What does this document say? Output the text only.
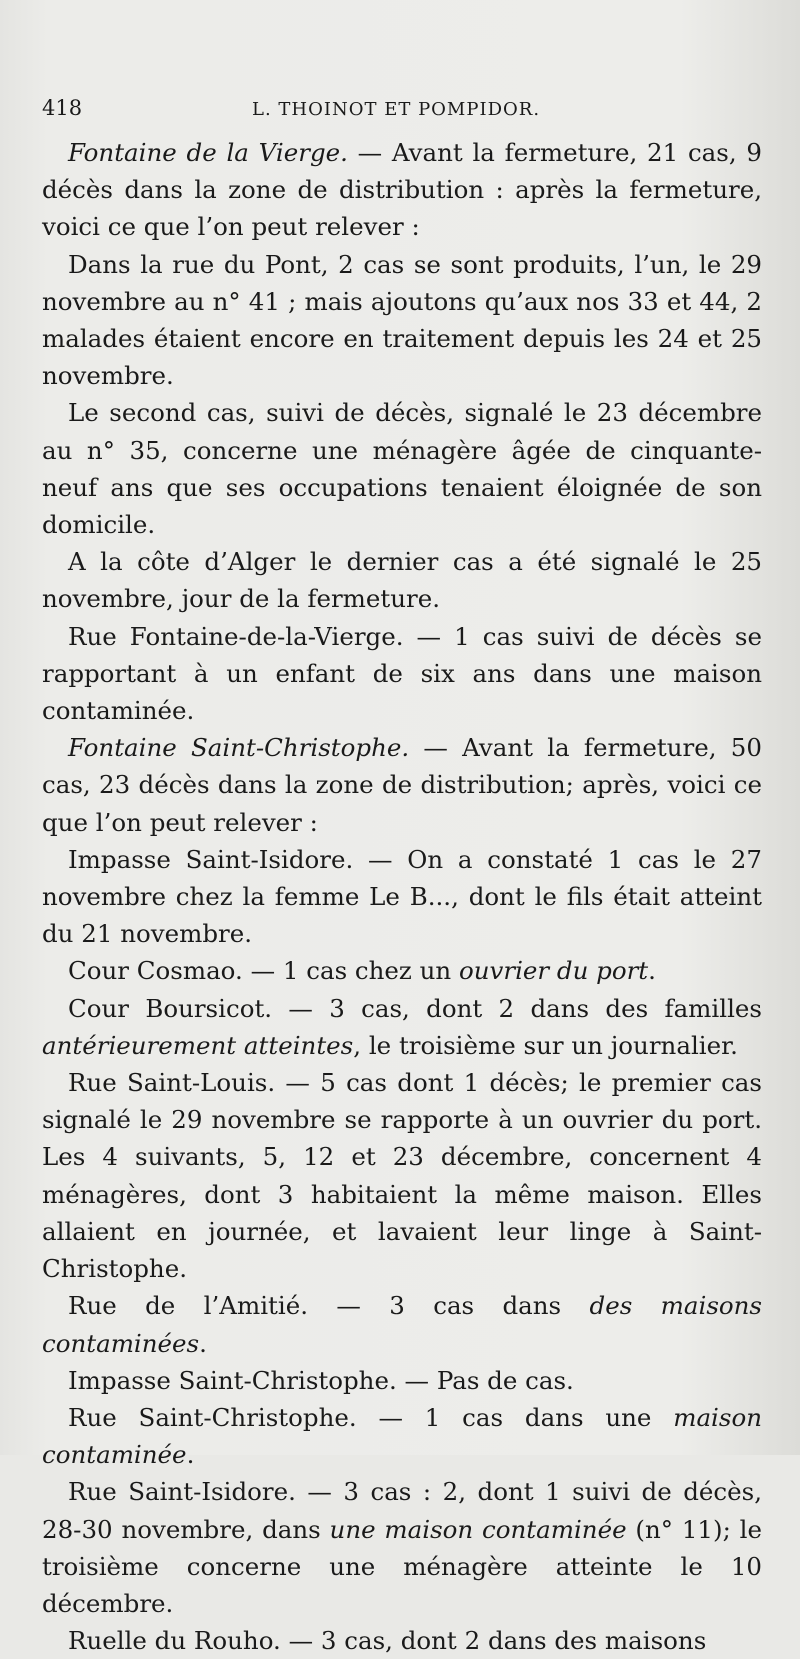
418	L. THOINOT ET POMPIDOR.

Fontaine de la Vierge. — Avant la fermeture, 21 cas, 9 décès dans la zone de distribution : après la fermeture, voici ce que l’on peut relever :

Dans la rue du Pont, 2 cas se sont produits, l’un, le 29 novembre au n° 41 ; mais ajoutons qu’aux nos 33 et 44, 2 malades étaient encore en traitement depuis les 24 et 25 novembre.

Le second cas, suivi de décès, signalé le 23 décembre au n° 35, concerne une ménagère âgée de cinquante-neuf ans que ses occupations tenaient éloignée de son domicile.

A la côte d’Alger le dernier cas a été signalé le 25 novembre, jour de la fermeture.

Rue Fontaine-de-la-Vierge. — 1 cas suivi de décès se rapportant à un enfant de six ans dans une maison contaminée.

Fontaine Saint-Christophe. — Avant la fermeture, 50 cas, 23 décès dans la zone de distribution; après, voici ce que l’on peut relever :

Impasse Saint-Isidore. — On a constaté 1 cas le 27 novembre chez la femme Le B..., dont le fils était atteint du 21 novembre.

Cour Cosmao. — 1 cas chez un ouvrier du port.

Cour Boursicot. — 3 cas, dont 2 dans des familles antérieurement atteintes, le troisième sur un journalier.

Rue Saint-Louis. — 5 cas dont 1 décès; le premier cas signalé le 29 novembre se rapporte à un ouvrier du port. Les 4 suivants, 5, 12 et 23 décembre, concernent 4 ménagères, dont 3 habitaient la même maison. Elles allaient en journée, et lavaient leur linge à Saint-Christophe.

Rue de l’Amitié. — 3 cas dans des maisons contaminées.

Impasse Saint-Christophe. — Pas de cas.

Rue Saint-Christophe. — 1 cas dans une maison contaminée.

Rue Saint-Isidore. — 3 cas : 2, dont 1 suivi de décès, 28-30 novembre, dans une maison contaminée (n° 11); le troisième concerne une ménagère atteinte le 10 décembre.

Ruelle du Rouho. — 3 cas, dont 2 dans des maisons
